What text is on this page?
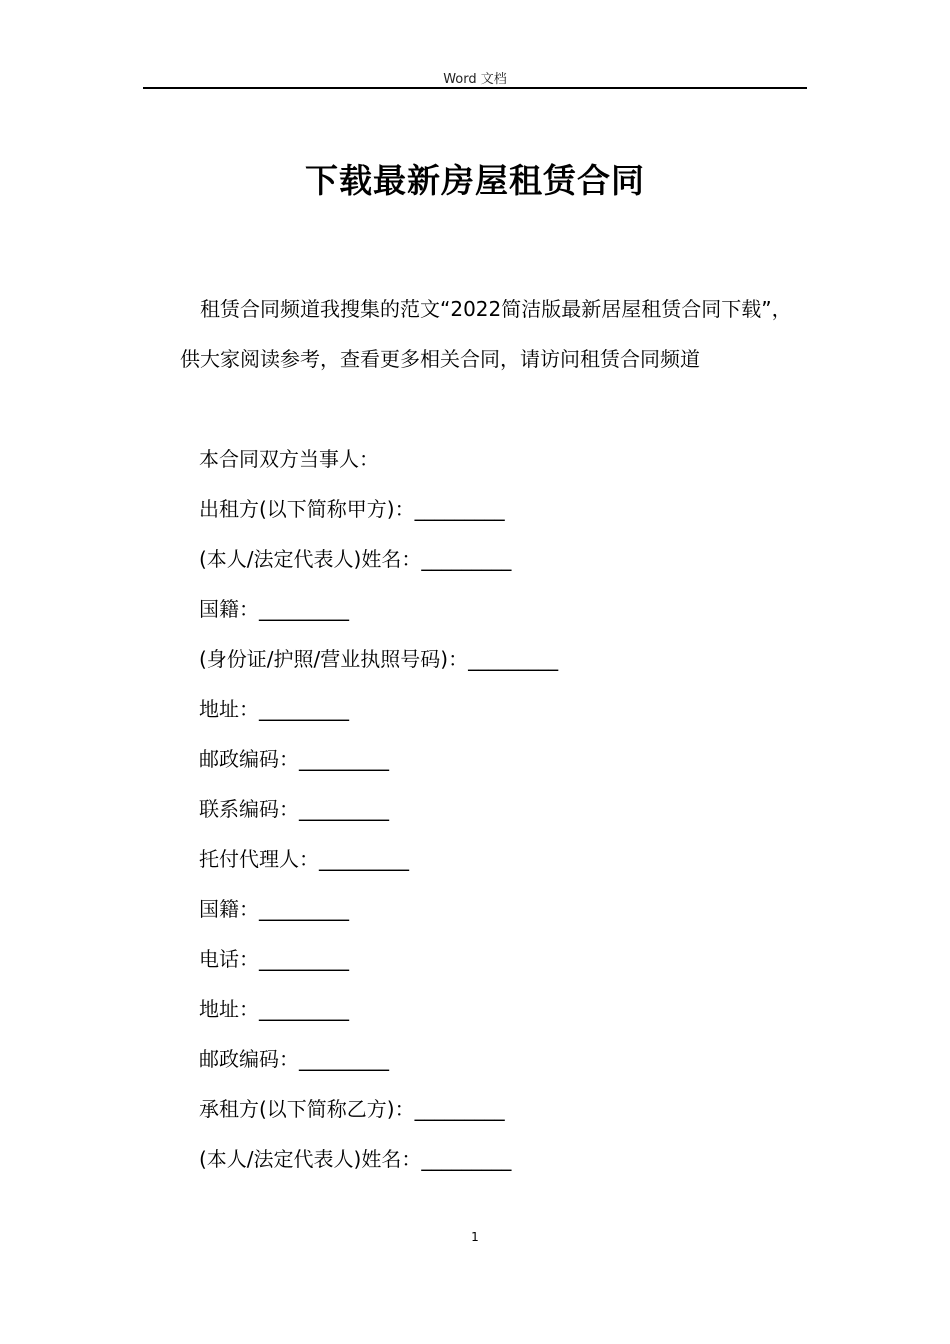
Word 文档
下载最新房屋租赁合同

租赁合同频道我搜集的范文“2022简洁版最新居屋租赁合同下载”，供大家阅读参考，查看更多相关合同，请访问租赁合同频道

本合同双方当事人：
出租方(以下简称甲方)：_________
(本人/法定代表人)姓名：_________
国籍：_________
(身份证/护照/营业执照号码)：_________
地址：_________
邮政编码：_________
联系编码：_________
托付代理人：_________
国籍：_________
电话：_________
地址：_________
邮政编码：_________
承租方(以下简称乙方)：_________
(本人/法定代表人)姓名：_________
1
